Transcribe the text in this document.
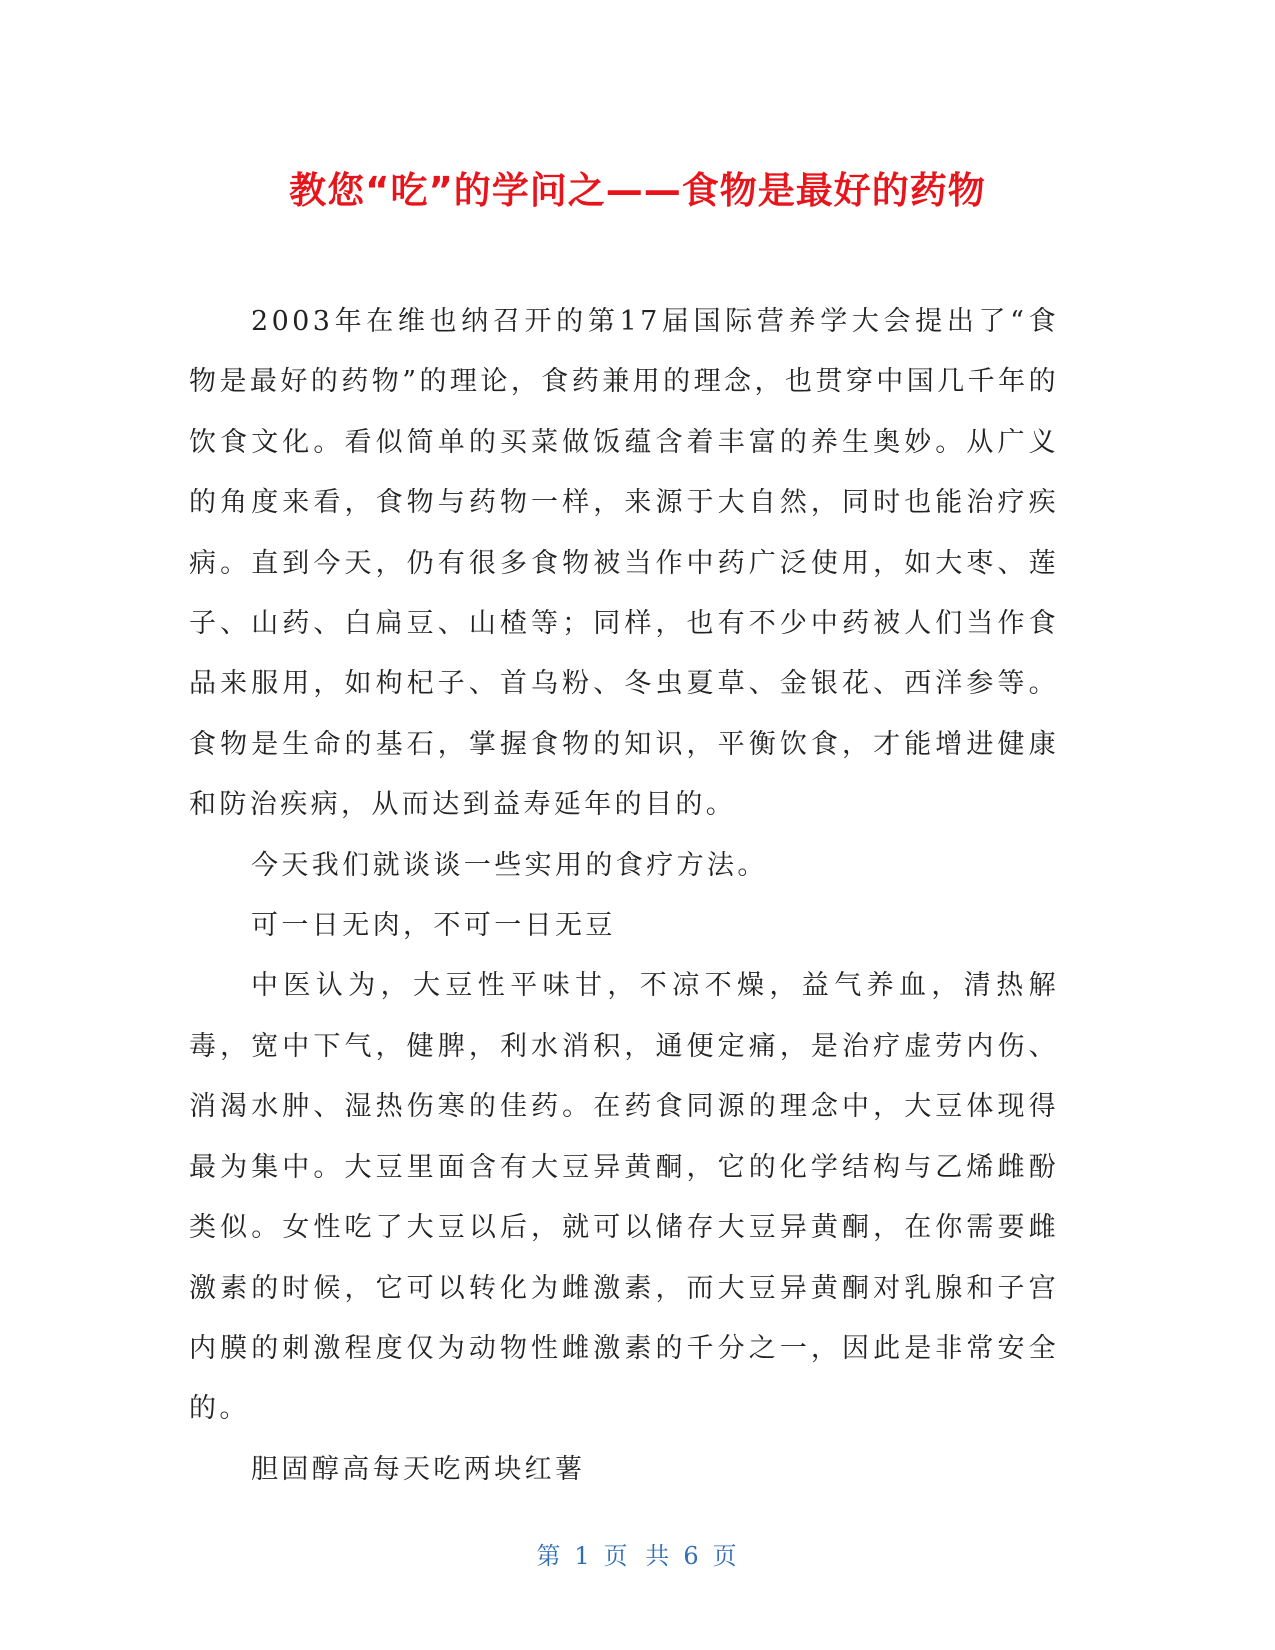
教您“吃”的学问之——食物是最好的药物

2003年在维也纳召开的第17届国际营养学大会提出了“食物是最好的药物”的理论，食药兼用的理念，也贯穿中国几千年的饮食文化。看似简单的买菜做饭蕴含着丰富的养生奥妙。从广义的角度来看，食物与药物一样，来源于大自然，同时也能治疗疾病。直到今天，仍有很多食物被当作中药广泛使用，如大枣、莲子、山药、白扁豆、山楂等；同样，也有不少中药被人们当作食品来服用，如枸杞子、首乌粉、冬虫夏草、金银花、西洋参等。食物是生命的基石，掌握食物的知识，平衡饮食，才能增进健康和防治疾病，从而达到益寿延年的目的。

今天我们就谈谈一些实用的食疗方法。

可一日无肉，不可一日无豆

中医认为，大豆性平味甘，不凉不燥，益气养血，清热解毒，宽中下气，健脾，利水消积，通便定痛，是治疗虚劳内伤、消渴水肿、湿热伤寒的佳药。在药食同源的理念中，大豆体现得最为集中。大豆里面含有大豆异黄酮，它的化学结构与乙烯雌酚类似。女性吃了大豆以后，就可以储存大豆异黄酮，在你需要雌激素的时候，它可以转化为雌激素，而大豆异黄酮对乳腺和子宫内膜的刺激程度仅为动物性雌激素的千分之一，因此是非常安全的。

胆固醇高每天吃两块红薯

第 1 页 共 6 页
